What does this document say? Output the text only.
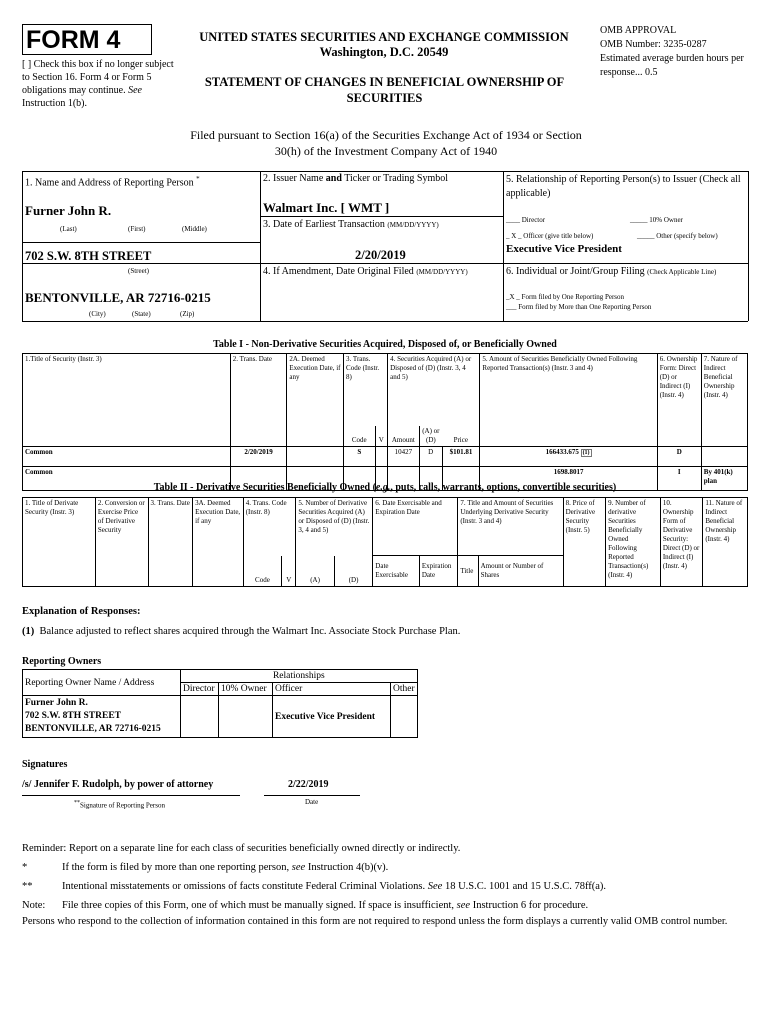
FORM 4
[ ] Check this box if no longer subject to Section 16. Form 4 or Form 5 obligations may continue. See Instruction 1(b).
UNITED STATES SECURITIES AND EXCHANGE COMMISSION
Washington, D.C. 20549
STATEMENT OF CHANGES IN BENEFICIAL OWNERSHIP OF SECURITIES
OMB APPROVAL
OMB Number: 3235-0287
Estimated average burden hours per response... 0.5
Filed pursuant to Section 16(a) of the Securities Exchange Act of 1934 or Section 30(h) of the Investment Company Act of 1940
1. Name and Address of Reporting Person *
Furner John R.
(Last)	(First)	(Middle)
702 S.W. 8TH STREET
(Street)
BENTONVILLE, AR 72716-0215
(City)	(State)	(Zip)
2. Issuer Name and Ticker or Trading Symbol
Walmart Inc. [ WMT ]
3. Date of Earliest Transaction (MM/DD/YYYY)
2/20/2019
4. If Amendment, Date Original Filed (MM/DD/YYYY)
5. Relationship of Reporting Person(s) to Issuer (Check all applicable)
____ Director	_____ 10% Owner
_ X _ Officer (give title below)	_____ Other (specify below)
Executive Vice President
6. Individual or Joint/Group Filing (Check Applicable Line)
_X _ Form filed by One Reporting Person
___ Form filed by More than One Reporting Person
Table I - Non-Derivative Securities Acquired, Disposed of, or Beneficially Owned
1.Title of Security (Instr. 3)	2. Trans. Date	2A. Deemed Execution Date, if any	3. Trans. Code (Instr. 8)		4. Securities Acquired (A) or Disposed of (D) (Instr. 3, 4 and 5)			5. Amount of Securities Beneficially Owned Following Reported Transaction(s) (Instr. 3 and 4)	6. Ownership Form: Direct (D) or Indirect (I) (Instr. 4)	7. Nature of Indirect Beneficial Ownership (Instr. 4)
			Code	V	Amount	(A) or (D)	Price			
Common	2/20/2019		S		10427	D	$101.81	166433.675 (1)	D	
Common								1698.8017	I	By 401(k) plan
Table II - Derivative Securities Beneficially Owned (e.g., puts, calls, warrants, options, convertible securities)
1. Title of Derivate Security (Instr. 3)	2. Conversion or Exercise Price of Derivative Security	3. Trans. Date	3A. Deemed Execution Date, if any	4. Trans. Code (Instr. 8)		5. Number of Derivative Securities Acquired (A) or Disposed of (D) (Instr. 3, 4 and 5)		6. Date Exercisable and Expiration Date		7. Title and Amount of Securities Underlying Derivative Security (Instr. 3 and 4)		8. Price of Derivative Security (Instr. 5)	9. Number of derivative Securities Beneficially Owned Following Reported Transaction(s) (Instr. 4)	10. Ownership Form of Derivative Security: Direct (D) or Indirect (I) (Instr. 4)	11. Nature of Indirect Beneficial Ownership (Instr. 4)
				Code	V	(A)	(D)	Date Exercisable	Expiration Date	Title	Amount or Number of Shares				
Explanation of Responses:
(1) Balance adjusted to reflect shares acquired through the Walmart Inc. Associate Stock Purchase Plan.
Reporting Owners
Reporting Owner Name / Address	Relationships			
	Director	10% Owner	Officer	Other

Furner John R.
702 S.W. 8TH STREET
BENTONVILLE, AR 72716-0215			Executive Vice President	
Signatures
/s/ Jennifer F. Rudolph, by power of attorney	2/22/2019
**Signature of Reporting Person	Date
Reminder: Report on a separate line for each class of securities beneficially owned directly or indirectly.
*	If the form is filed by more than one reporting person, see Instruction 4(b)(v).
**	Intentional misstatements or omissions of facts constitute Federal Criminal Violations. See 18 U.S.C. 1001 and 15 U.S.C. 78ff(a).
Note: File three copies of this Form, one of which must be manually signed. If space is insufficient, see Instruction 6 for procedure.
Persons who respond to the collection of information contained in this form are not required to respond unless the form displays a currently valid OMB control number.
